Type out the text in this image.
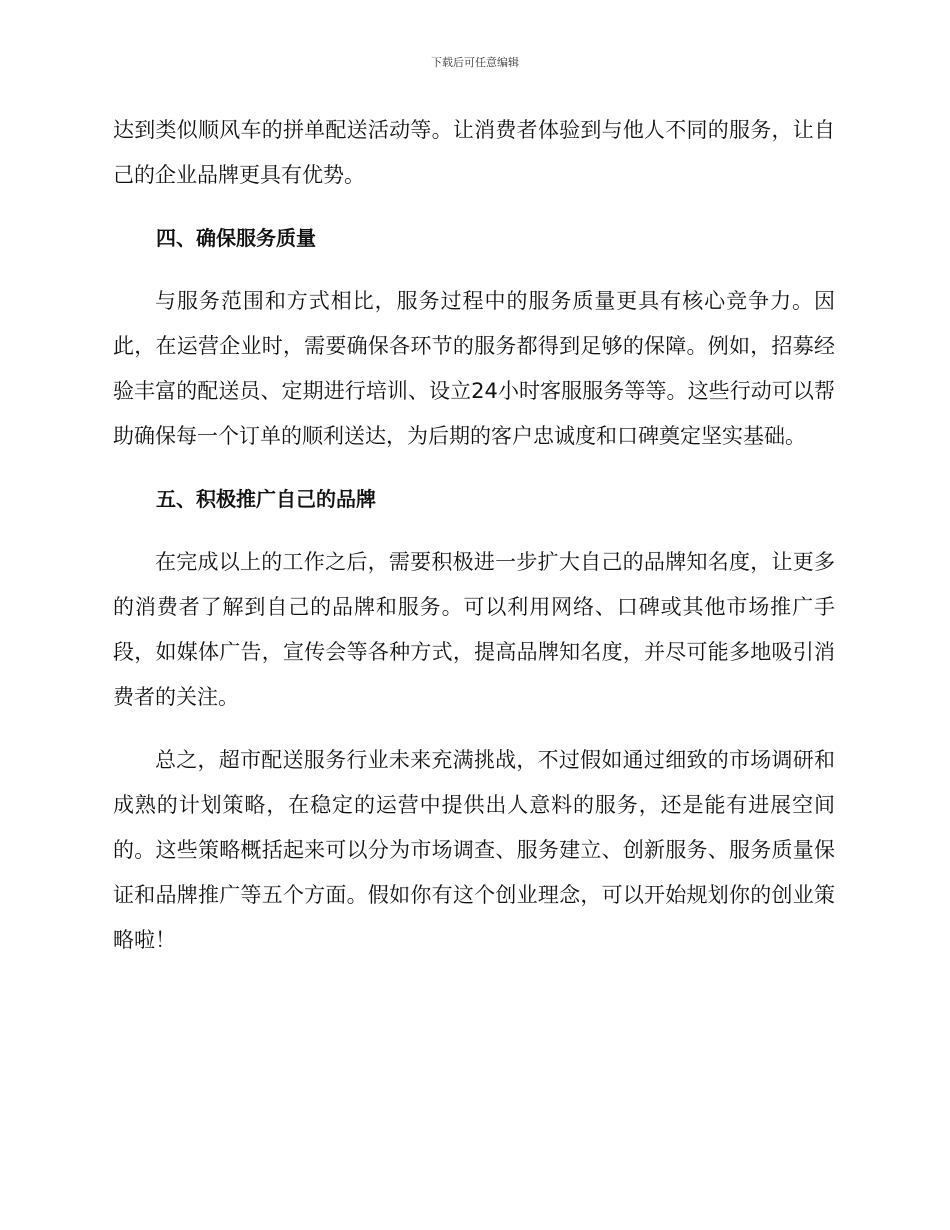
下载后可任意编辑

达到类似顺风车的拼单配送活动等。让消费者体验到与他人不同的服务，让自己的企业品牌更具有优势。

四、确保服务质量

与服务范围和方式相比，服务过程中的服务质量更具有核心竞争力。因此，在运营企业时，需要确保各环节的服务都得到足够的保障。例如，招募经验丰富的配送员、定期进行培训、设立24小时客服服务等等。这些行动可以帮助确保每一个订单的顺利送达，为后期的客户忠诚度和口碑奠定坚实基础。

五、积极推广自己的品牌

在完成以上的工作之后，需要积极进一步扩大自己的品牌知名度，让更多的消费者了解到自己的品牌和服务。可以利用网络、口碑或其他市场推广手段，如媒体广告，宣传会等各种方式，提高品牌知名度，并尽可能多地吸引消费者的关注。

总之，超市配送服务行业未来充满挑战，不过假如通过细致的市场调研和成熟的计划策略，在稳定的运营中提供出人意料的服务，还是能有进展空间的。这些策略概括起来可以分为市场调查、服务建立、创新服务、服务质量保证和品牌推广等五个方面。假如你有这个创业理念，可以开始规划你的创业策略啦！
